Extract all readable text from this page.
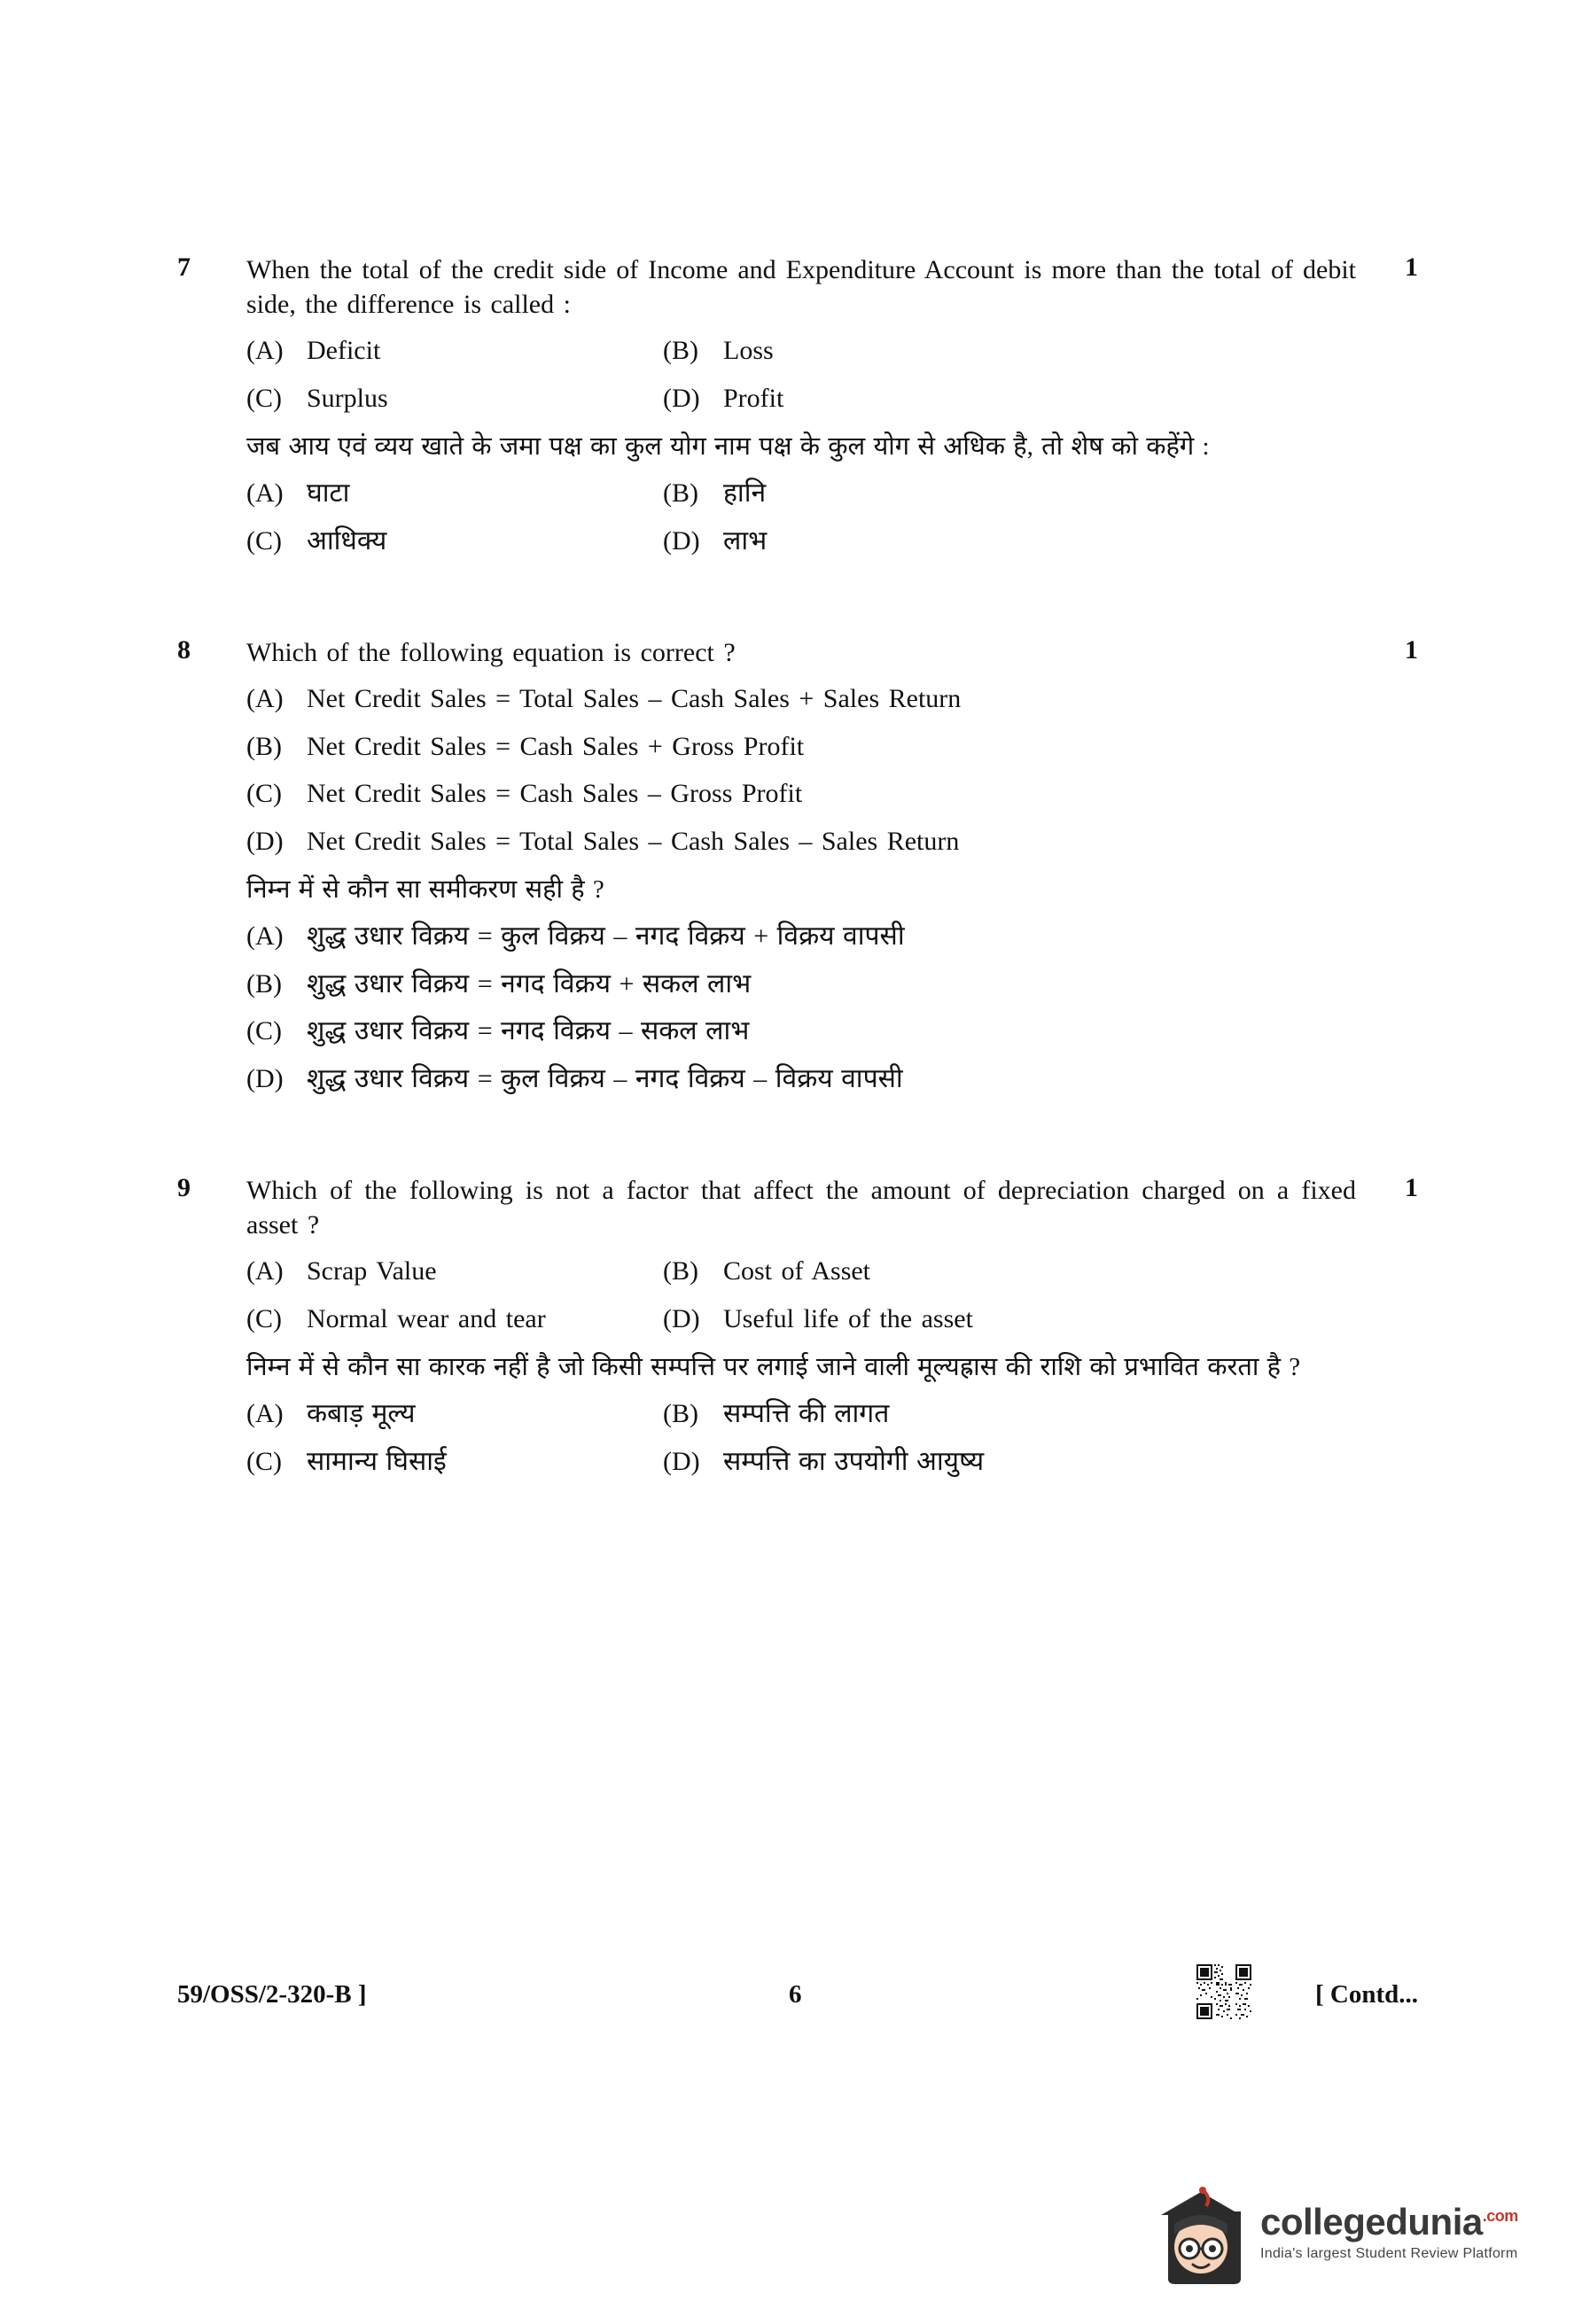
7	1
When the total of the credit side of Income and Expenditure Account is more than the total of debit side, the difference is called :
(A) Deficit	(B) Loss
(C) Surplus	(D) Profit
जब आय एवं व्यय खाते के जमा पक्ष का कुल योग नाम पक्ष के कुल योग से अधिक है, तो शेष को कहेंगे :
(A) घाटा	(B) हानि
(C) आधिक्य	(D) लाभ
8	1
Which of the following equation is correct ?
(A) Net Credit Sales = Total Sales – Cash Sales + Sales Return
(B) Net Credit Sales = Cash Sales + Gross Profit
(C) Net Credit Sales = Cash Sales – Gross Profit
(D) Net Credit Sales = Total Sales – Cash Sales – Sales Return
निम्न में से कौन सा समीकरण सही है ?
(A) शुद्ध उधार विक्रय = कुल विक्रय – नगद विक्रय + विक्रय वापसी
(B) शुद्ध उधार विक्रय = नगद विक्रय + सकल लाभ
(C) शुद्ध उधार विक्रय = नगद विक्रय – सकल लाभ
(D) शुद्ध उधार विक्रय = कुल विक्रय – नगद विक्रय – विक्रय वापसी
9	1
Which of the following is not a factor that affect the amount of depreciation charged on a fixed asset ?
(A) Scrap Value	(B) Cost of Asset
(C) Normal wear and tear	(D) Useful life of the asset
निम्न में से कौन सा कारक नहीं है जो किसी सम्पत्ति पर लगाई जाने वाली मूल्यह्रास की राशि को प्रभावित करता है ?
(A) कबाड़ मूल्य	(B) सम्पत्ति की लागत
(C) सामान्य घिसाई	(D) सम्पत्ति का उपयोगी आयुष्य
59/OSS/2-320-B ]	6	[ Contd...
collegedunia$^{.com}$
India's largest Student Review Platform
